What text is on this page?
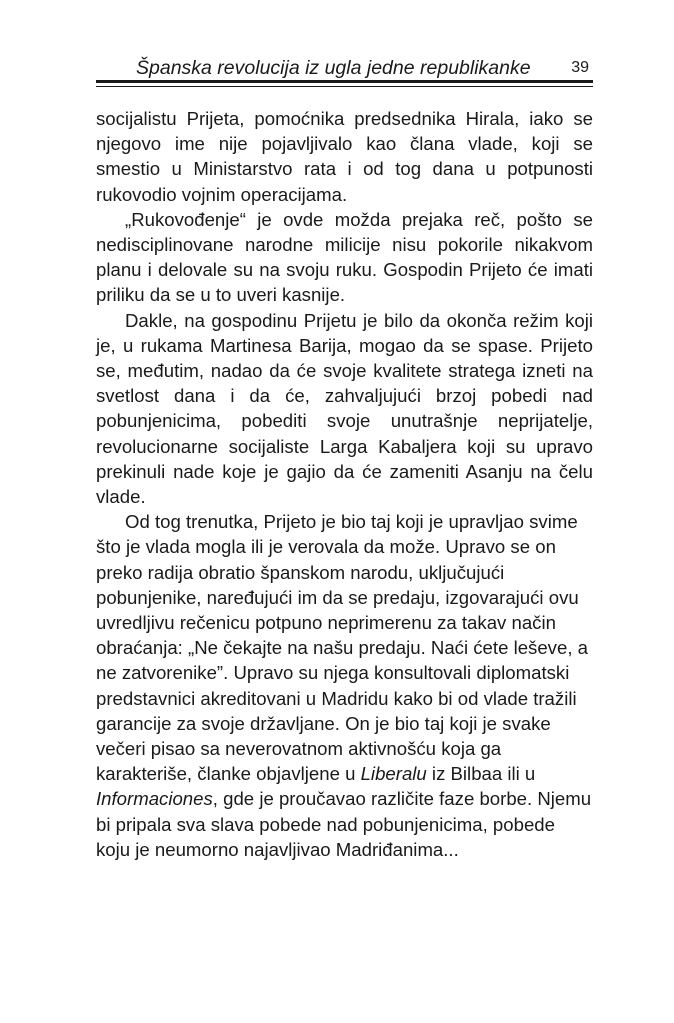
Španska revolucija iz ugla jedne republikanke	39

socijalistu Prijeta, pomoćnika predsednika Hirala, iako se njegovo ime nije pojavljivalo kao člana vlade, koji se smestio u Ministarstvo rata i od tog dana u potpunosti rukovodio vojnim operacijama.

„Rukovođenje“ je ovde možda prejaka reč, pošto se nedisciplinovane narodne milicije nisu pokorile nikakvom planu i delovale su na svoju ruku. Gospodin Prijeto će imati priliku da se u to uveri kasnije.

Dakle, na gospodinu Prijetu je bilo da okonča režim koji je, u rukama Martinesa Barija, mogao da se spase. Prijeto se, međutim, nadao da će svoje kvalitete stratega izneti na svetlost dana i da će, zahvaljujući brzoj pobedi nad pobunjenicima, pobediti svoje unutrašnje neprijatelje, revolucionarne socijaliste Larga Kabaljera koji su upravo prekinuli nade koje je gajio da će zameniti Asanju na čelu vlade.

Od tog trenutka, Prijeto je bio taj koji je upravljao svime što je vlada mogla ili je verovala da može. Upravo se on preko radija obratio španskom narodu, uključujući pobunjenike, naređujući im da se predaju, izgovarajući ovu uvredljivu rečenicu potpuno neprimerenu za takav način obraćanja: „Ne čekajte na našu predaju. Naći ćete leševe, a ne zatvorenike”. Upravo su njega konsultovali diplomatski predstavnici akreditovani u Madridu kako bi od vlade tražili garancije za svoje državljane. On je bio taj koji je svake večeri pisao sa neverovatnom aktivnošću koja ga karakteriše, članke objavljene u Liberalu iz Bilbaa ili u Informaciones, gde je proučavao različite faze borbe. Njemu bi pripala sva slava pobede nad pobunjenicima, pobede koju je neumorno najavljivao Madriđanima...
